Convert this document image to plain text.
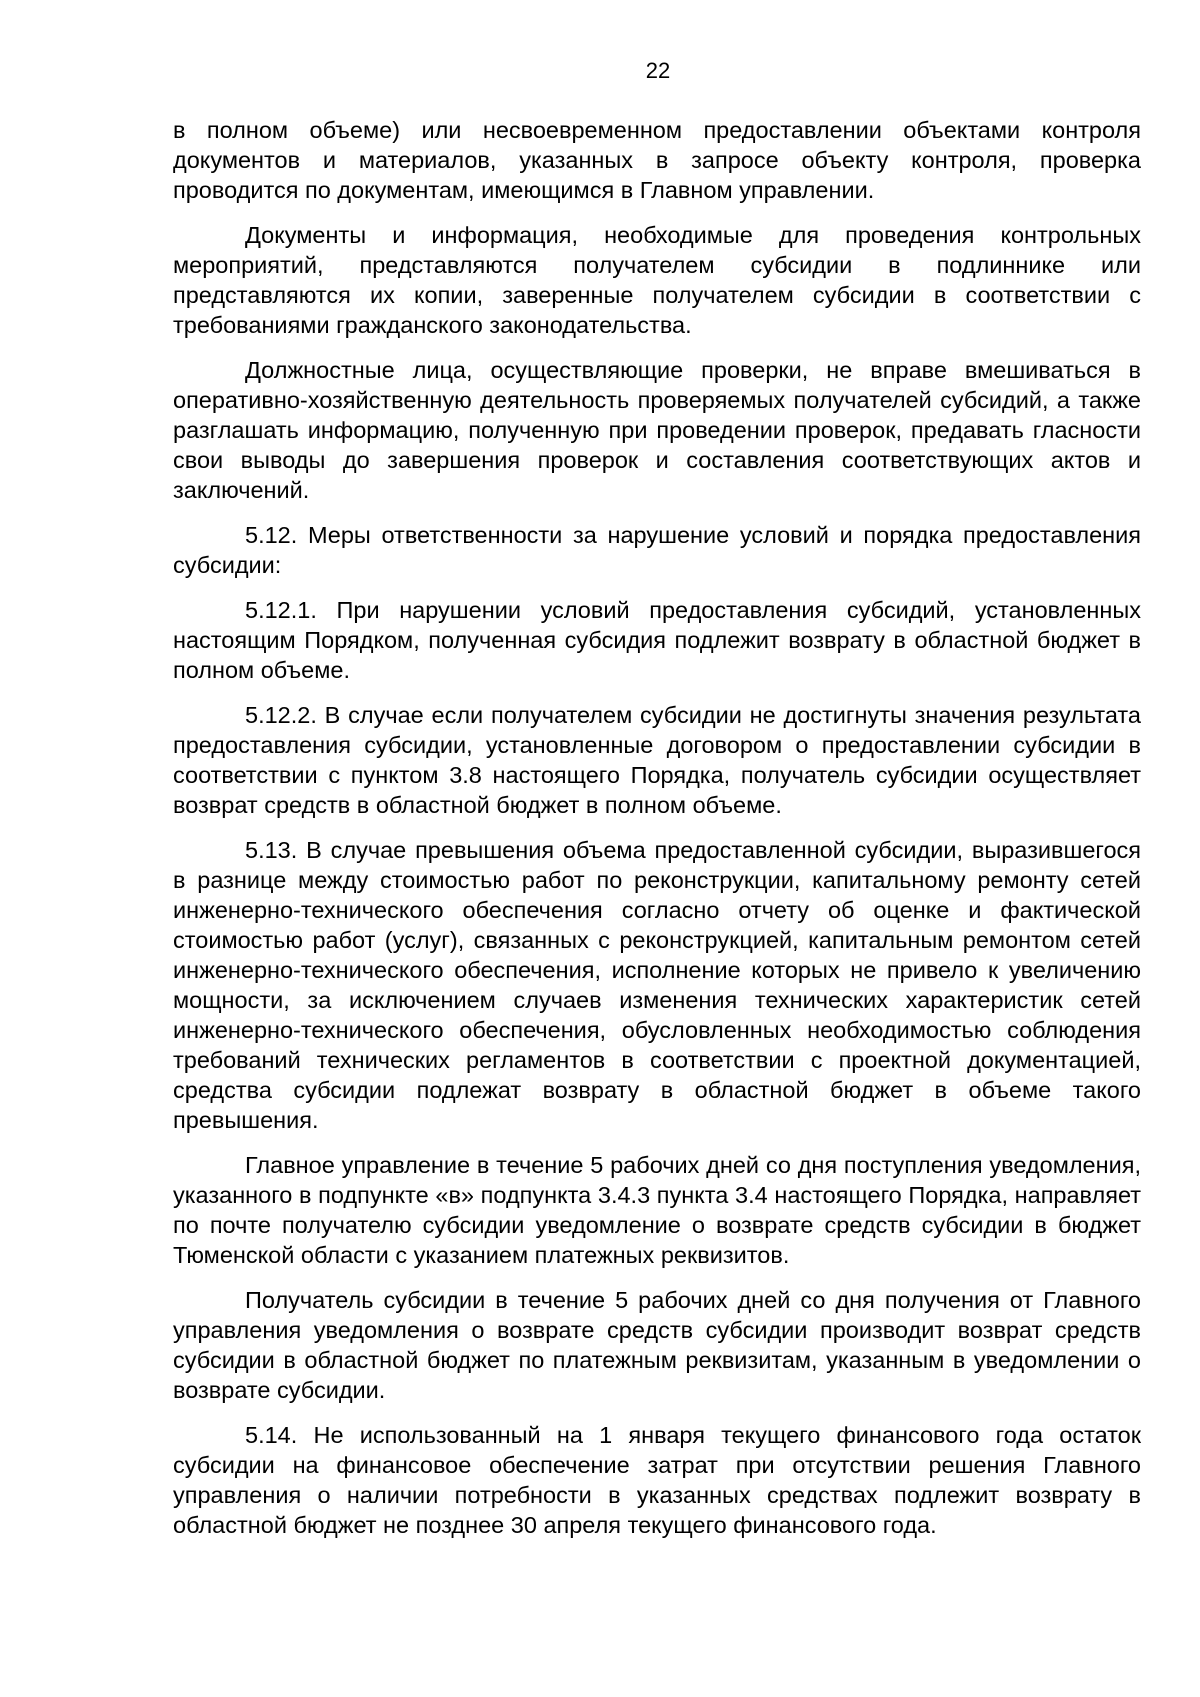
22

в полном объеме) или несвоевременном предоставлении объектами контроля документов и материалов, указанных в запросе объекту контроля, проверка проводится по документам, имеющимся в Главном управлении.

Документы и информация, необходимые для проведения контрольных мероприятий, представляются получателем субсидии в подлиннике или представляются их копии, заверенные получателем субсидии в соответствии с требованиями гражданского законодательства.

Должностные лица, осуществляющие проверки, не вправе вмешиваться в оперативно-хозяйственную деятельность проверяемых получателей субсидий, а также разглашать информацию, полученную при проведении проверок, предавать гласности свои выводы до завершения проверок и составления соответствующих актов и заключений.

5.12. Меры ответственности за нарушение условий и порядка предоставления субсидии:

5.12.1. При нарушении условий предоставления субсидий, установленных настоящим Порядком, полученная субсидия подлежит возврату в областной бюджет в полном объеме.

5.12.2. В случае если получателем субсидии не достигнуты значения результата предоставления субсидии, установленные договором о предоставлении субсидии в соответствии с пунктом 3.8 настоящего Порядка, получатель субсидии осуществляет возврат средств в областной бюджет в полном объеме.

5.13. В случае превышения объема предоставленной субсидии, выразившегося в разнице между стоимостью работ по реконструкции, капитальному ремонту сетей инженерно-технического обеспечения согласно отчету об оценке и фактической стоимостью работ (услуг), связанных с реконструкцией, капитальным ремонтом сетей инженерно-технического обеспечения, исполнение которых не привело к увеличению мощности, за исключением случаев изменения технических характеристик сетей инженерно-технического обеспечения, обусловленных необходимостью соблюдения требований технических регламентов в соответствии с проектной документацией, средства субсидии подлежат возврату в областной бюджет в объеме такого превышения.

Главное управление в течение 5 рабочих дней со дня поступления уведомления, указанного в подпункте «в» подпункта 3.4.3 пункта 3.4 настоящего Порядка, направляет по почте получателю субсидии уведомление о возврате средств субсидии в бюджет Тюменской области с указанием платежных реквизитов.

Получатель субсидии в течение 5 рабочих дней со дня получения от Главного управления уведомления о возврате средств субсидии производит возврат средств субсидии в областной бюджет по платежным реквизитам, указанным в уведомлении о возврате субсидии.

5.14. Не использованный на 1 января текущего финансового года остаток субсидии на финансовое обеспечение затрат при отсутствии решения Главного управления о наличии потребности в указанных средствах подлежит возврату в областной бюджет не позднее 30 апреля текущего финансового года.
